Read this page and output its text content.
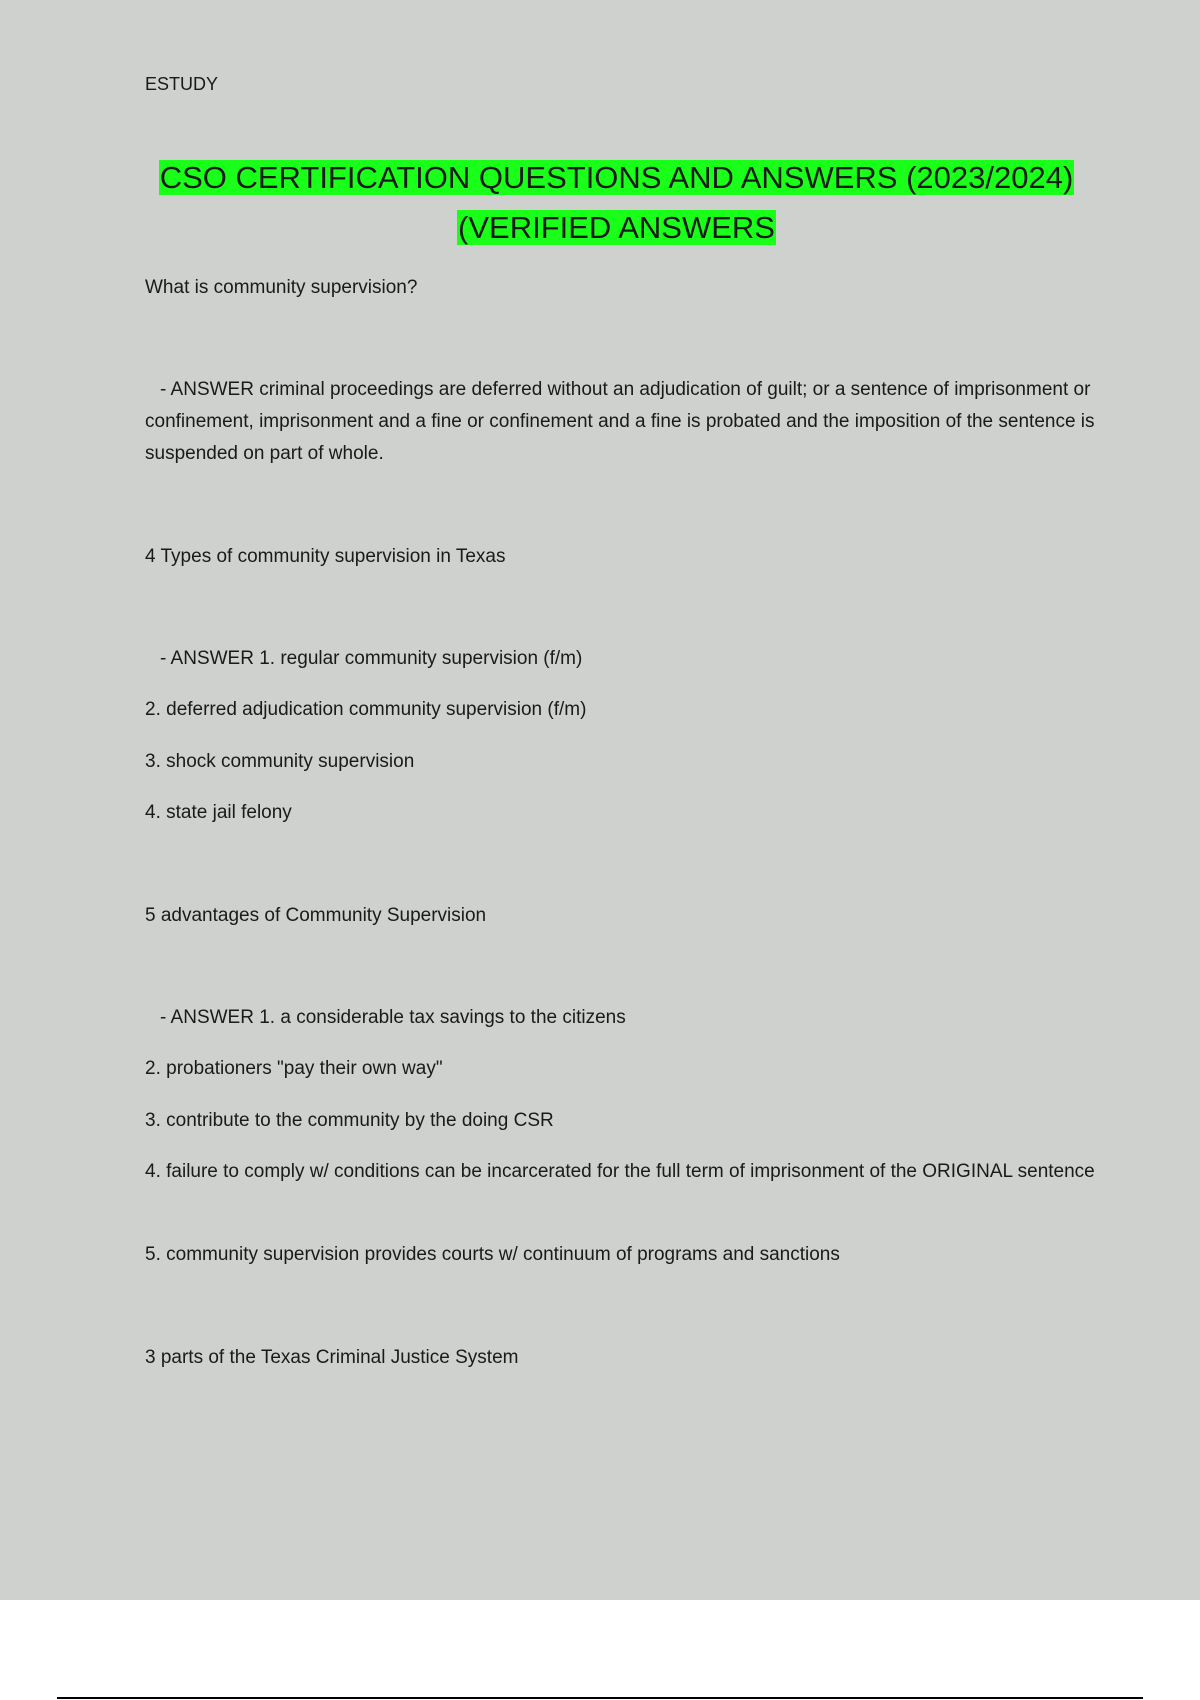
ESTUDY

CSO CERTIFICATION QUESTIONS AND ANSWERS (2023/2024)

(VERIFIED ANSWERS

What is community supervision?

- ANSWER criminal proceedings are deferred without an adjudication of guilt; or a sentence of imprisonment or confinement, imprisonment and a fine or confinement and a fine is probated and the imposition of the sentence is suspended on part of whole.

4 Types of community supervision in Texas

- ANSWER 1. regular community supervision (f/m)

2. deferred adjudication community supervision (f/m)

3. shock community supervision

4. state jail felony

5 advantages of Community Supervision

- ANSWER 1. a considerable tax savings to the citizens

2. probationers "pay their own way"

3. contribute to the community by the doing CSR

4. failure to comply w/ conditions can be incarcerated for the full term of imprisonment of the ORIGINAL sentence

5. community supervision provides courts w/ continuum of programs and sanctions

3 parts of the Texas Criminal Justice System
